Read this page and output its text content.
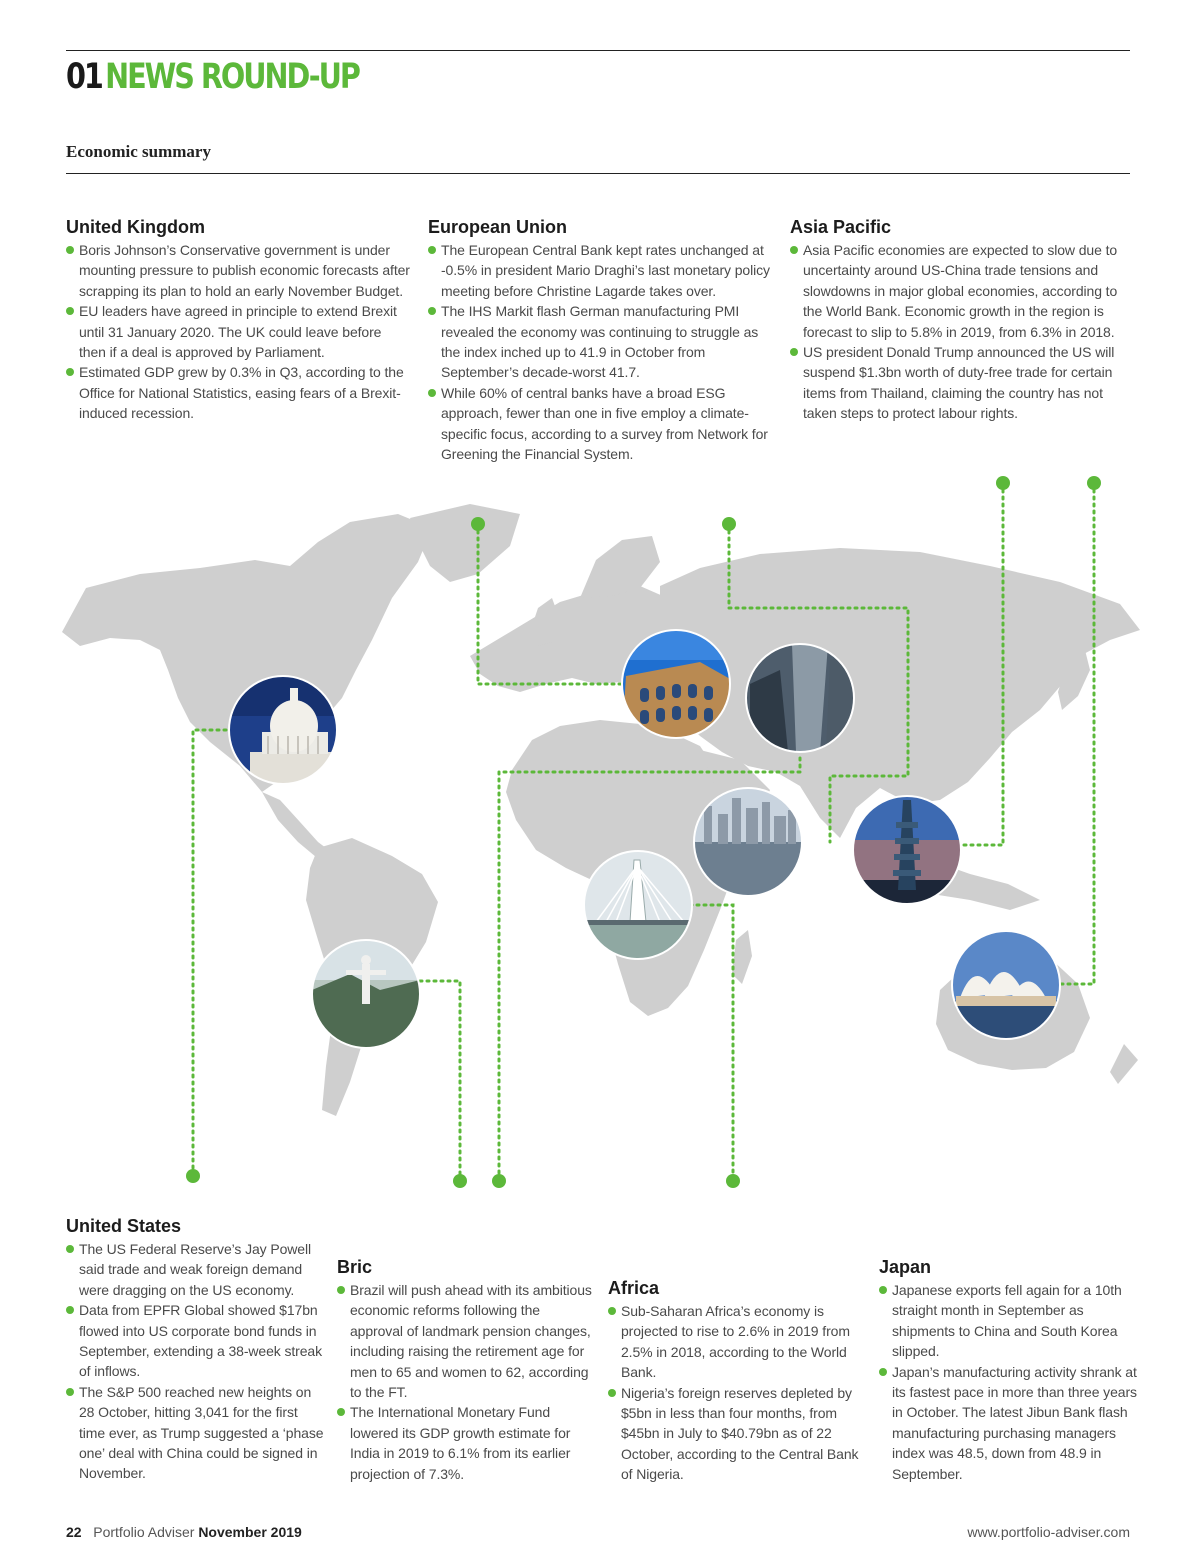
01NEWS ROUND-UP
Economic summary
United Kingdom
Boris Johnson’s Conservative government is under mounting pressure to publish economic forecasts after scrapping its plan to hold an early November Budget.
EU leaders have agreed in principle to extend Brexit until 31 January 2020. The UK could leave before then if a deal is approved by Parliament.
Estimated GDP grew by 0.3% in Q3, according to the Office for National Statistics, easing fears of a Brexit-induced recession.
European Union
The European Central Bank kept rates unchanged at -0.5% in president Mario Draghi’s last monetary policy meeting before Christine Lagarde takes over.
The IHS Markit flash German manufacturing PMI revealed the economy was continuing to struggle as the index inched up to 41.9 in October from September’s decade-worst 41.7.
While 60% of central banks have a broad ESG approach, fewer than one in five employ a climate-specific focus, according to a survey from Network for Greening the Financial System.
Asia Pacific
Asia Pacific economies are expected to slow due to uncertainty around US-China trade tensions and slowdowns in major global economies, according to the World Bank. Economic growth in the region is forecast to slip to 5.8% in 2019, from 6.3% in 2018.
US president Donald Trump announced the US will suspend $1.3bn worth of duty-free trade for certain items from Thailand, claiming the country has not taken steps to protect labour rights.
United States
The US Federal Reserve’s Jay Powell said trade and weak foreign demand were dragging on the US economy.
Data from EPFR Global showed $17bn flowed into US corporate bond funds in September, extending a 38-week streak of inflows.
The S&P 500 reached new heights on 28 October, hitting 3,041 for the first time ever, as Trump suggested a ‘phase one’ deal with China could be signed in November.
Bric
Brazil will push ahead with its ambitious economic reforms following the approval of landmark pension changes, including raising the retirement age for men to 65 and women to 62, according to the FT.
The International Monetary Fund lowered its GDP growth estimate for India in 2019 to 6.1% from its earlier projection of 7.3%.
Africa
Sub-Saharan Africa’s economy is projected to rise to 2.6% in 2019 from 2.5% in 2018, according to the World Bank.
Nigeria’s foreign reserves depleted by $5bn in less than four months, from $45bn in July to $40.79bn as of 22 October, according to the Central Bank of Nigeria.
Japan
Japanese exports fell again for a 10th straight month in September as shipments to China and South Korea slipped.
Japan’s manufacturing activity shrank at its fastest pace in more than three years in October. The latest Jibun Bank flash manufacturing purchasing managers index was 48.5, down from 48.9 in September.
22 Portfolio Adviser November 2019	www.portfolio-adviser.com
